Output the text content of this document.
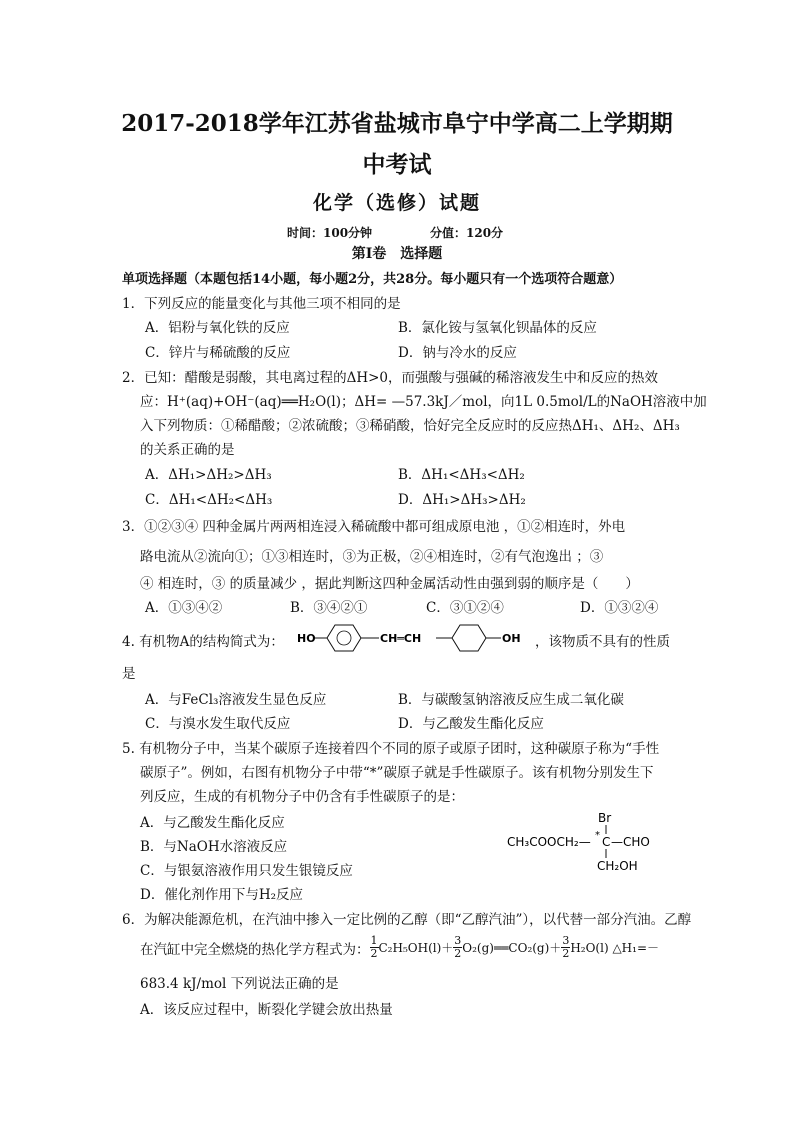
2017-2018学年江苏省盐城市阜宁中学高二上学期期
中考试
化学（选修）试题
时间：100分钟	分值：120分
第Ⅰ卷　选择题
单项选择题（本题包括14小题，每小题2分，共28分。每小题只有一个选项符合题意）
1．下列反应的能量变化与其他三项不相同的是
A．铝粉与氧化铁的反应	B．氯化铵与氢氧化钡晶体的反应
C．锌片与稀硫酸的反应	D．钠与冷水的反应
2．已知：醋酸是弱酸，其电离过程的ΔH>0，而强酸与强碱的稀溶液发生中和反应的热效
应：H⁺(aq)+OH⁻(aq)══H₂O(l)；ΔH= —57.3kJ／mol，向1L 0.5mol/L的NaOH溶液中加
入下列物质：①稀醋酸；②浓硫酸；③稀硝酸，恰好完全反应时的反应热ΔH₁、ΔH₂、ΔH₃
的关系正确的是
A．ΔH₁>ΔH₂>ΔH₃	B．ΔH₁<ΔH₃<ΔH₂
C．ΔH₁<ΔH₂<ΔH₃	D．ΔH₁>ΔH₃>ΔH₂
3．①②③④ 四种金属片两两相连浸入稀硫酸中都可组成原电池 ，①②相连时，外电
路电流从②流向①；①③相连时，③为正极，②④相连时，②有气泡逸出 ；③
④ 相连时，③ 的质量减少 ，据此判断这四种金属活动性由强到弱的顺序是（　　）
A．①③④②	B．③④②①	C．③①②④	D．①③②④
4. 有机物A的结构简式为： HO	CH═CH	OH ，该物质不具有的性质
是
A．与FeCl₃溶液发生显色反应	B．与碳酸氢钠溶液反应生成二氧化碳
C．与溴水发生取代反应	D．与乙酸发生酯化反应
5. 有机物分子中，当某个碳原子连接着四个不同的原子或原子团时，这种碳原子称为“手性
碳原子”。例如，右图有机物分子中带“*”碳原子就是手性碳原子。该有机物分别发生下
列反应，生成的有机物分子中仍含有手性碳原子的是：
A．与乙酸发生酯化反应
B．与NaOH水溶液反应
C．与银氨溶液作用只发生银镜反应
D．催化剂作用下与H₂反应
Br
CH₃COOCH₂— * C —CHO
CH₂OH
6．为解决能源危机，在汽油中掺入一定比例的乙醇（即“乙醇汽油”），以代替一部分汽油。乙醇
在汽缸中完全燃烧的热化学方程式为： $\frac{1}{2} C_2H_5OH(l)+ \frac{3}{2}$ O₂(g)══CO₂(g)＋ $\frac{3}{2} H_2O(l)$ △H₁=－
683.4 kJ/mol 下列说法正确的是
A．该反应过程中，断裂化学键会放出热量
